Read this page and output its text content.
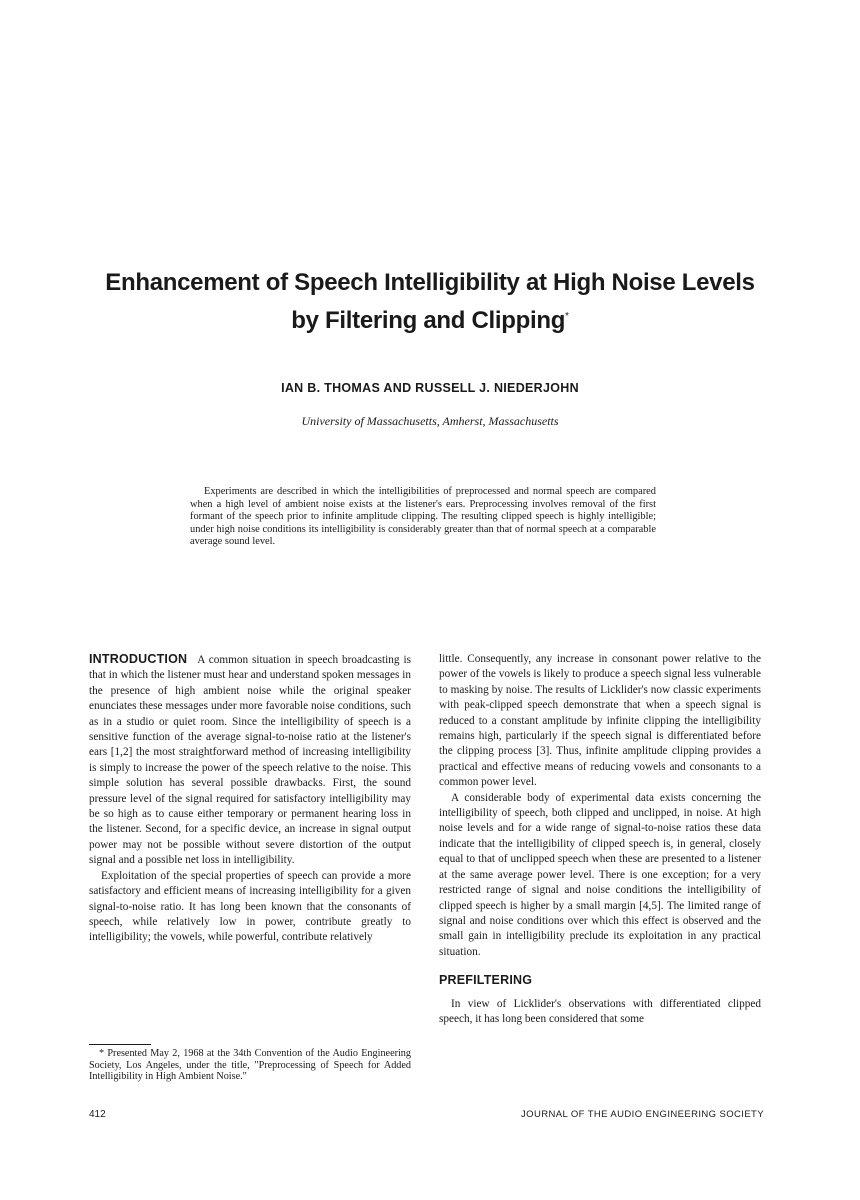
Enhancement of Speech Intelligibility at High Noise Levels
by Filtering and Clipping*
IAN B. THOMAS AND RUSSELL J. NIEDERJOHN
University of Massachusetts, Amherst, Massachusetts
Experiments are described in which the intelligibilities of preprocessed and normal speech are compared when a high level of ambient noise exists at the listener's ears. Preprocessing involves removal of the first formant of the speech prior to infinite amplitude clipping. The resulting clipped speech is highly intelligible; under high noise conditions its intelligibility is considerably greater than that of normal speech at a comparable average sound level.

INTRODUCTION A common situation in speech broadcasting is that in which the listener must hear and understand spoken messages in the presence of high ambient noise while the original speaker enunciates these messages under more favorable noise conditions, such as in a studio or quiet room. Since the intelligibility of speech is a sensitive function of the average signal-to-noise ratio at the listener's ears [1,2] the most straightforward method of increasing intelligibility is simply to increase the power of the speech relative to the noise. This simple solution has several possible drawbacks. First, the sound pressure level of the signal required for satisfactory intelligibility may be so high as to cause either temporary or permanent hearing loss in the listener. Second, for a specific device, an increase in signal output power may not be possible without severe distortion of the output signal and a possible net loss in intelligibility.

Exploitation of the special properties of speech can provide a more satisfactory and efficient means of increasing intelligibility for a given signal-to-noise ratio. It has long been known that the consonants of speech, while relatively low in power, contribute greatly to intelligibility; the vowels, while powerful, contribute relatively

little. Consequently, any increase in consonant power relative to the power of the vowels is likely to produce a speech signal less vulnerable to masking by noise. The results of Licklider's now classic experiments with peak-clipped speech demonstrate that when a speech signal is reduced to a constant amplitude by infinite clipping the intelligibility remains high, particularly if the speech signal is differentiated before the clipping process [3]. Thus, infinite amplitude clipping provides a practical and effective means of reducing vowels and consonants to a common power level.

A considerable body of experimental data exists concerning the intelligibility of speech, both clipped and unclipped, in noise. At high noise levels and for a wide range of signal-to-noise ratios these data indicate that the intelligibility of clipped speech is, in general, closely equal to that of unclipped speech when these are presented to a listener at the same average power level. There is one exception; for a very restricted range of signal and noise conditions the intelligibility of clipped speech is higher by a small margin [4,5]. The limited range of signal and noise conditions over which this effect is observed and the small gain in intelligibility preclude its exploitation in any practical situation.

PREFILTERING

In view of Licklider's observations with differentiated clipped speech, it has long been considered that some

* Presented May 2, 1968 at the 34th Convention of the Audio Engineering Society, Los Angeles, under the title, "Preprocessing of Speech for Added Intelligibility in High Ambient Noise."
412	JOURNAL OF THE AUDIO ENGINEERING SOCIETY
